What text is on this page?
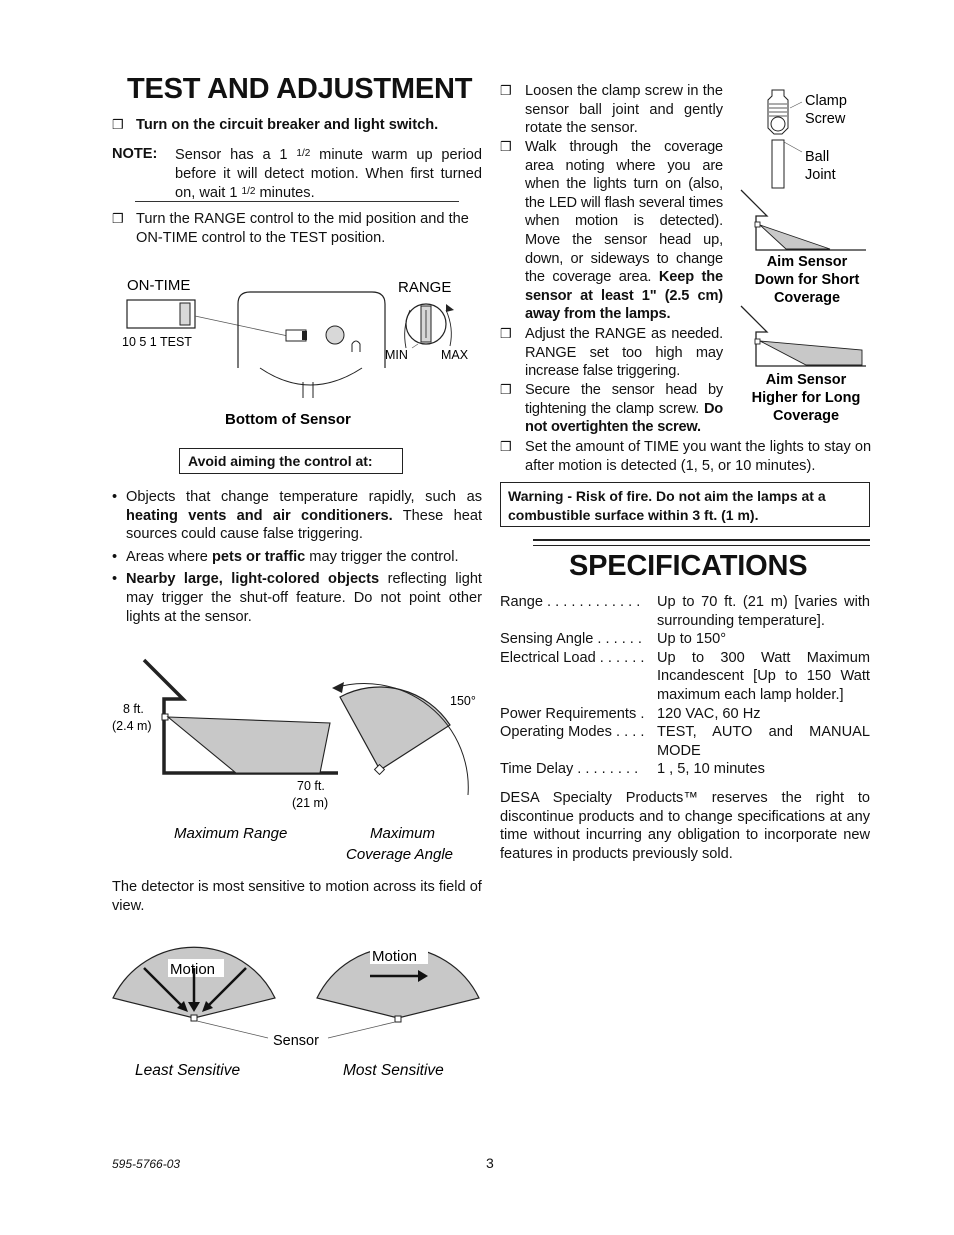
TEST AND ADJUSTMENT
❒ Turn on the circuit breaker and light switch.
NOTE: Sensor has a 1 $^{1/2}$ minute warm up period before it will detect motion. When first turned on, wait 1 $^{1/2}$ minutes.
❒ Turn the RANGE control to the mid position and the ON-TIME control to the TEST position.
ON-TIME	RANGE
10 5 1 TEST
MIN	MAX
Bottom of Sensor
Avoid aiming the control at:
• Objects that change temperature rapidly, such as heating vents and air conditioners. These heat sources could cause false triggering.
• Areas where pets or traffic may trigger the control.
• Nearby large, light-colored objects reflecting light may trigger the shut-off feature. Do not point other lights at the sensor.
8 ft.
(2.4 m)
70 ft.
(21 m)
150°
Maximum Range	Maximum
Coverage Angle
The detector is most sensitive to motion across its field of view.
Motion
Motion
Sensor
Least Sensitive	Most Sensitive
❒ Loosen the clamp screw in the sensor ball joint and gently rotate the sensor.
❒ Walk through the coverage area noting where you are when the lights turn on (also, the LED will flash several times when motion is detected). Move the sensor head up, down, or sideways to change the coverage area. Keep the sensor at least 1" (2.5 cm) away from the lamps.
❒ Adjust the RANGE as needed. RANGE set too high may increase false triggering.
❒ Secure the sensor head by tightening the clamp screw. Do not overtighten the screw.
❒ Set the amount of TIME you want the lights to stay on after motion is detected (1, 5, or 10 minutes).
Clamp
Screw
Ball
Joint
Aim Sensor
Down for Short
Coverage
Aim Sensor
Higher for Long
Coverage
Warning - Risk of fire. Do not aim the lamps at a combustible surface within 3 ft. (1 m).
SPECIFICATIONS
Range . . . . . . . . . . . .	Up to 70 ft. (21 m) [varies with surrounding temperature].
Sensing Angle . . . . . .	Up to 150°
Electrical Load . . . . . . Up to 300 Watt Maximum Incandescent [Up to 150 Watt maximum each lamp holder.]
Power Requirements . 120 VAC, 60 Hz
Operating Modes . . . . TEST, AUTO and MANUAL MODE
Time Delay . . . . . . . .	1 , 5, 10 minutes
DESA Specialty Products™ reserves the right to discontinue products and to change specifications at any time without incurring any obligation to incorporate new features in products previously sold.
595-5766-03	3
